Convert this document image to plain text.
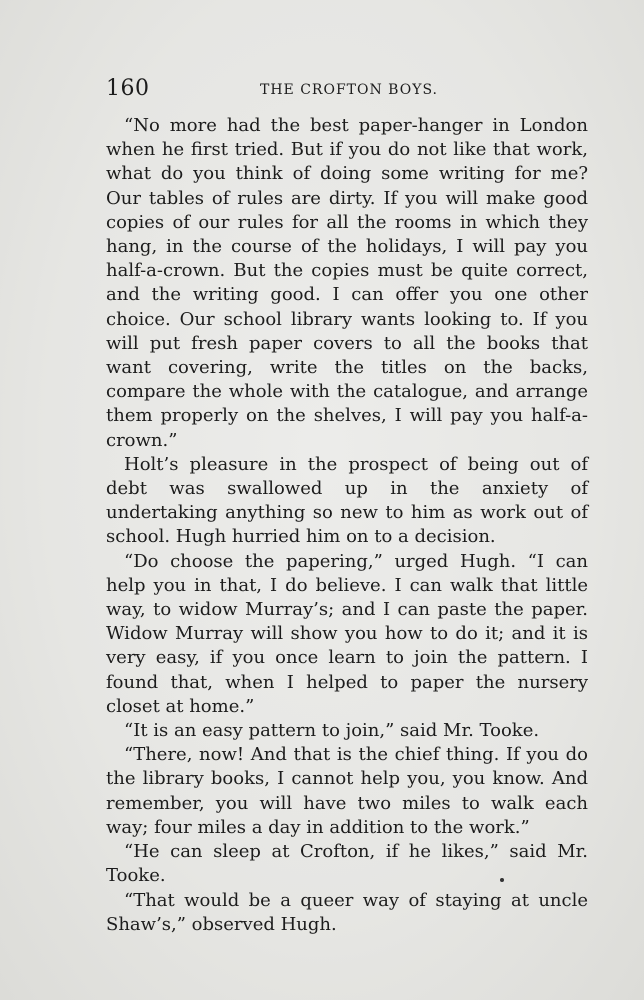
160	THE CROFTON BOYS.

“No more had the best paper-hanger in London when he first tried. But if you do not like that work, what do you think of doing some writing for me? Our tables of rules are dirty. If you will make good copies of our rules for all the rooms in which they hang, in the course of the holidays, I will pay you half-a-crown. But the copies must be quite correct, and the writing good. I can offer you one other choice. Our school library wants looking to. If you will put fresh paper covers to all the books that want covering, write the titles on the backs, compare the whole with the catalogue, and arrange them properly on the shelves, I will pay you half-a-crown.”

Holt’s pleasure in the prospect of being out of debt was swallowed up in the anxiety of undertaking anything so new to him as work out of school. Hugh hurried him on to a decision.

“Do choose the papering,” urged Hugh. “I can help you in that, I do believe. I can walk that little way, to widow Murray’s; and I can paste the paper. Widow Murray will show you how to do it; and it is very easy, if you once learn to join the pattern. I found that, when I helped to paper the nursery closet at home.”

“It is an easy pattern to join,” said Mr. Tooke.

“There, now! And that is the chief thing. If you do the library books, I cannot help you, you know. And remember, you will have two miles to walk each way; four miles a day in addition to the work.”

“He can sleep at Crofton, if he likes,” said Mr. Tooke.

“That would be a queer way of staying at uncle Shaw’s,” observed Hugh.
